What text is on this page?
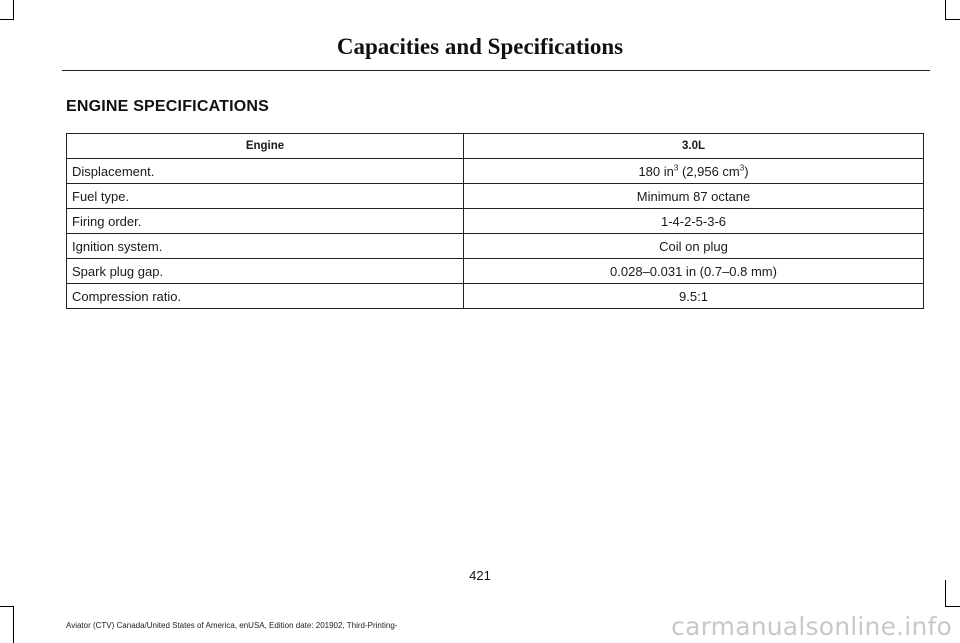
Capacities and Specifications
ENGINE SPECIFICATIONS
Engine	3.0L
Displacement.	180 $in^3$ (2,956 $cm^3$)
Fuel type.	Minimum 87 octane
Firing order.	1-4-2-5-3-6
Ignition system.	Coil on plug
Spark plug gap.	0.028–0.031 in (0.7–0.8 mm)
Compression ratio.	9.5:1
421
Aviator (CTV) Canada/United States of America, enUSA, Edition date: 201902, Third-Printing-	carmanualsonline.info
